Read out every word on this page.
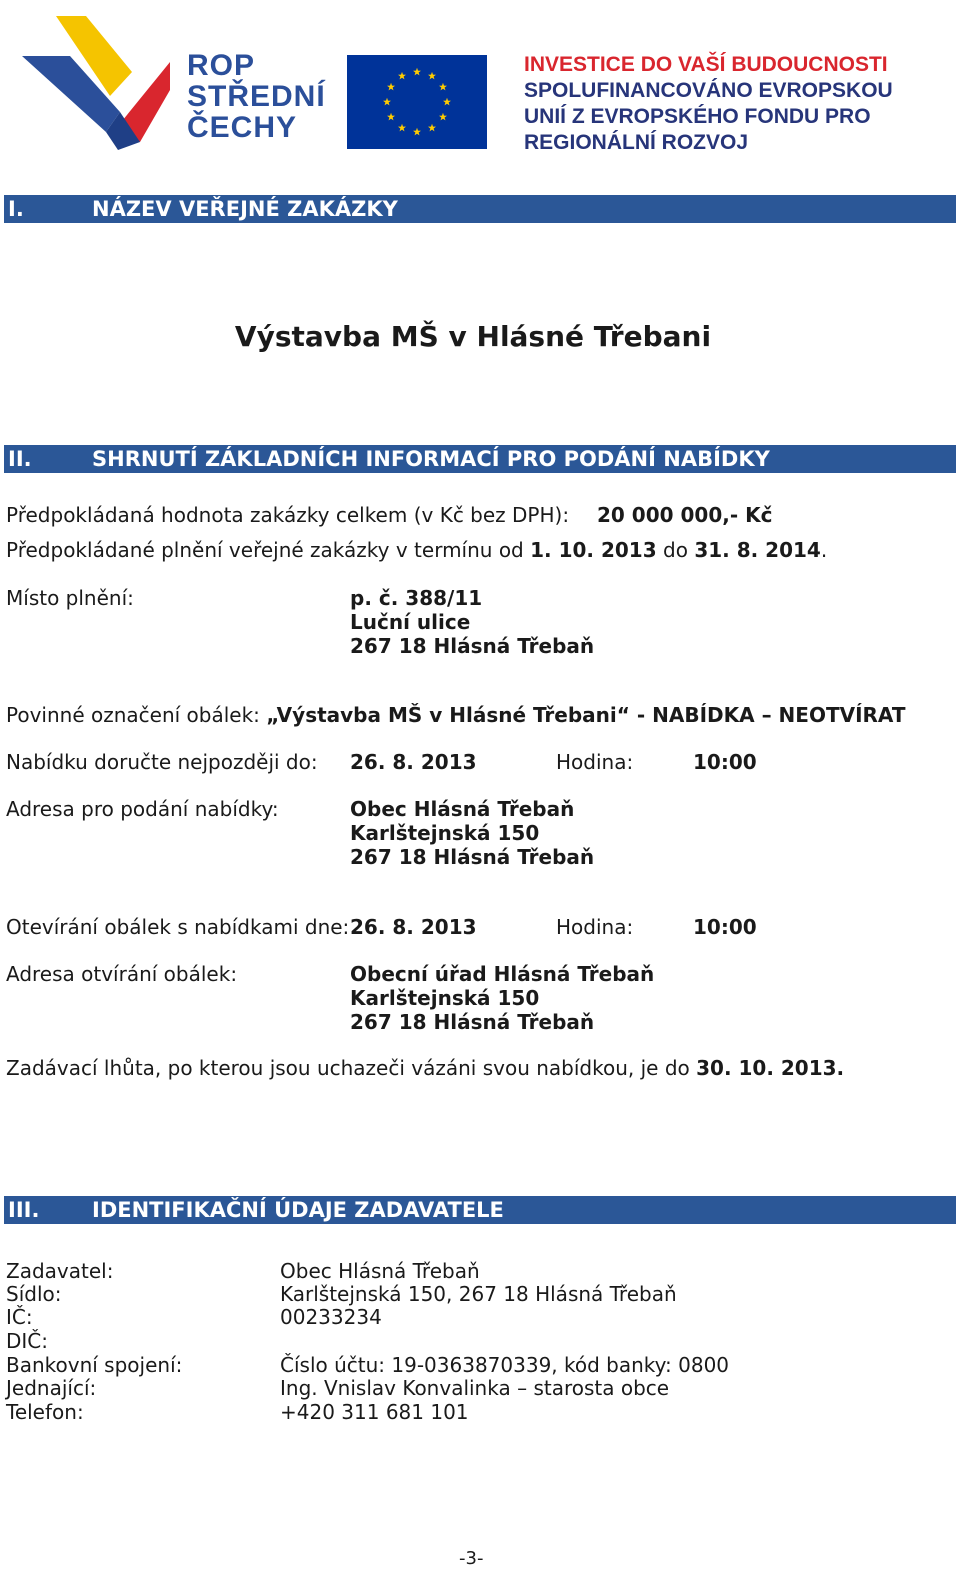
ROP
STŘEDNÍ
ČECHY
INVESTICE DO VAŠÍ BUDOUCNOSTI
SPOLUFINANCOVÁNO EVROPSKOU
UNIÍ Z EVROPSKÉHO FONDU PRO
REGIONÁLNÍ ROZVOJ
I.	NÁZEV VEŘEJNÉ ZAKÁZKY
Výstavba MŠ v Hlásné Třebani
II.	SHRNUTÍ ZÁKLADNÍCH INFORMACÍ PRO PODÁNÍ NABÍDKY
Předpokládaná hodnota zakázky celkem (v Kč bez DPH): 20 000 000,- Kč
Předpokládané plnění veřejné zakázky v termínu od 1. 10. 2013 do 31. 8. 2014.
Místo plnění:	p. č. 388/11
Luční ulice
267 18 Hlásná Třebaň
Povinné označení obálek: „Výstavba MŠ v Hlásné Třebani“ - NABÍDKA – NEOTVÍRAT
Nabídku doručte nejpozději do: 26. 8. 2013	Hodina:	10:00
Adresa pro podání nabídky:	Obec Hlásná Třebaň
Karlštejnská 150
267 18 Hlásná Třebaň
Otevírání obálek s nabídkami dne: 26. 8. 2013	Hodina:	10:00
Adresa otvírání obálek:	Obecní úřad Hlásná Třebaň
Karlštejnská 150
267 18 Hlásná Třebaň
Zadávací lhůta, po kterou jsou uchazeči vázáni svou nabídkou, je do 30. 10. 2013.
III.	IDENTIFIKAČNÍ ÚDAJE ZADAVATELE
Zadavatel:	Obec Hlásná Třebaň
Sídlo:	Karlštejnská 150, 267 18 Hlásná Třebaň
IČ:	00233234
DIČ:
Bankovní spojení:	Číslo účtu: 19-0363870339, kód banky: 0800
Jednající:	Ing. Vnislav Konvalinka – starosta obce
Telefon:	+420 311 681 101
-3-
